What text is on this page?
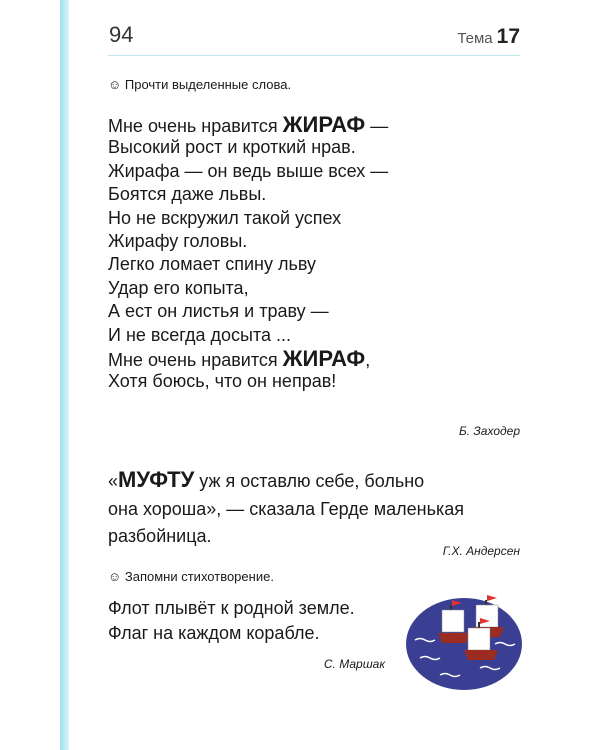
94	Тема 17
☺ Прочти выделенные слова.
Мне очень нравится ЖИРАФ —
Высокий рост и кроткий нрав.
Жирафа — он ведь выше всех —
Боятся даже львы.
Но не вскружил такой успех
Жирафу головы.
Легко ломает спину льву
Удар его копыта,
А ест он листья и траву —
И не всегда досыта ...
Мне очень нравится ЖИРАФ,
Хотя боюсь, что он неправ!
Б. Заходер
«МУФТУ уж я оставлю себе, больно
она хороша», — сказала Герде маленькая
разбойница.
Г.Х. Андерсен
☺ Запомни стихотворение.
Флот плывёт к родной земле.
Флаг на каждом корабле.
С. Маршак
